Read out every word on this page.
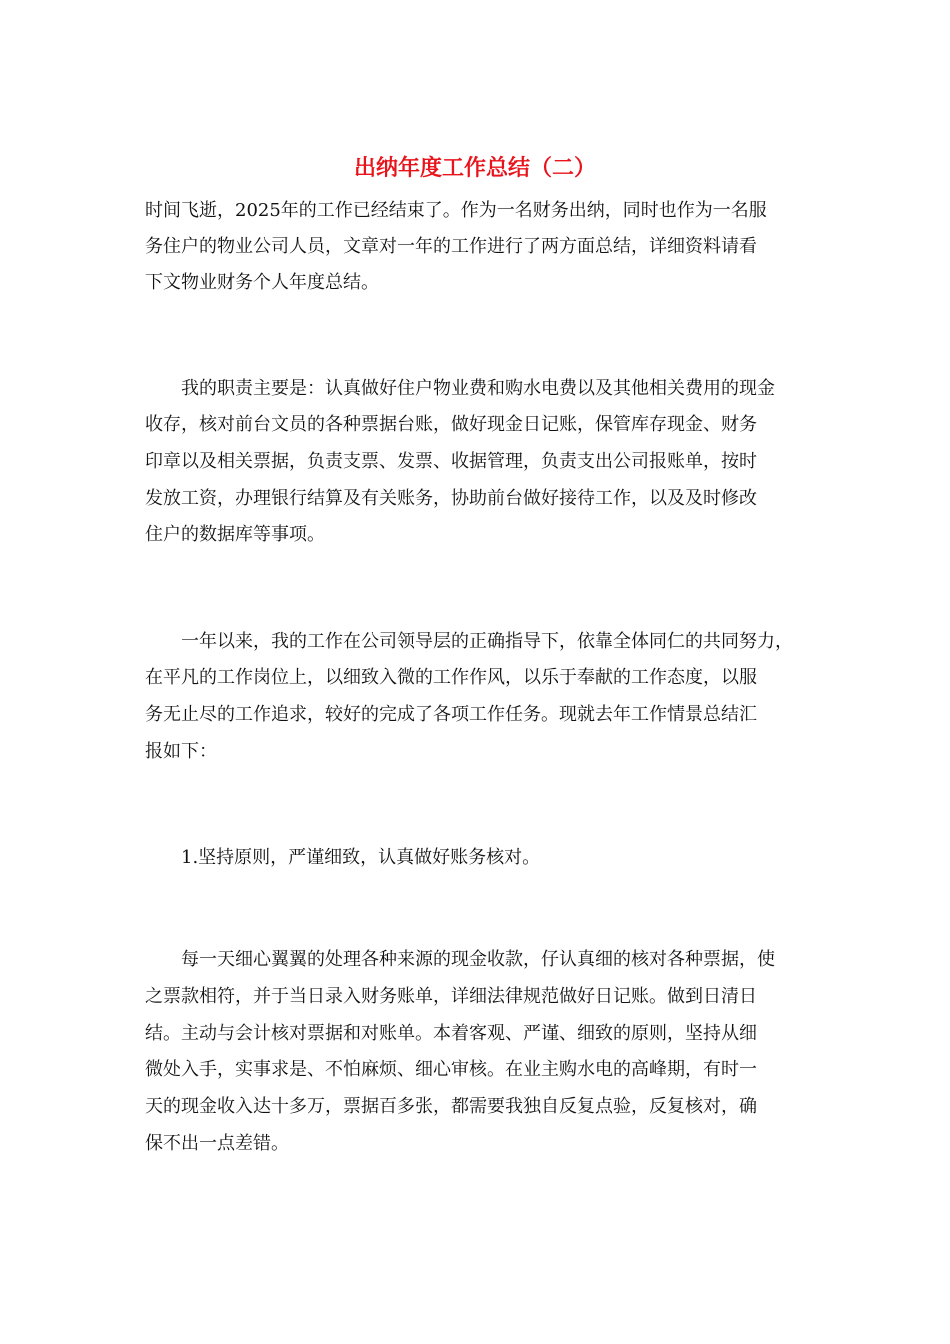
出纳年度工作总结（二）
时间飞逝，2025年的工作已经结束了。作为一名财务出纳，同时也作为一名服
务住户的物业公司人员，文章对一年的工作进行了两方面总结，详细资料请看
下文物业财务个人年度总结。
　　我的职责主要是：认真做好住户物业费和购水电费以及其他相关费用的现金
收存，核对前台文员的各种票据台账，做好现金日记账，保管库存现金、财务
印章以及相关票据，负责支票、发票、收据管理，负责支出公司报账单，按时
发放工资，办理银行结算及有关账务，协助前台做好接待工作，以及及时修改
住户的数据库等事项。
　　一年以来，我的工作在公司领导层的正确指导下，依靠全体同仁的共同努力，
在平凡的工作岗位上，以细致入微的工作作风，以乐于奉献的工作态度，以服
务无止尽的工作追求，较好的完成了各项工作任务。现就去年工作情景总结汇
报如下：
　　1.坚持原则，严谨细致，认真做好账务核对。
　　每一天细心翼翼的处理各种来源的现金收款，仔认真细的核对各种票据，使
之票款相符，并于当日录入财务账单，详细法律规范做好日记账。做到日清日
结。主动与会计核对票据和对账单。本着客观、严谨、细致的原则，坚持从细
微处入手，实事求是、不怕麻烦、细心审核。在业主购水电的高峰期，有时一
天的现金收入达十多万，票据百多张，都需要我独自反复点验，反复核对，确
保不出一点差错。
